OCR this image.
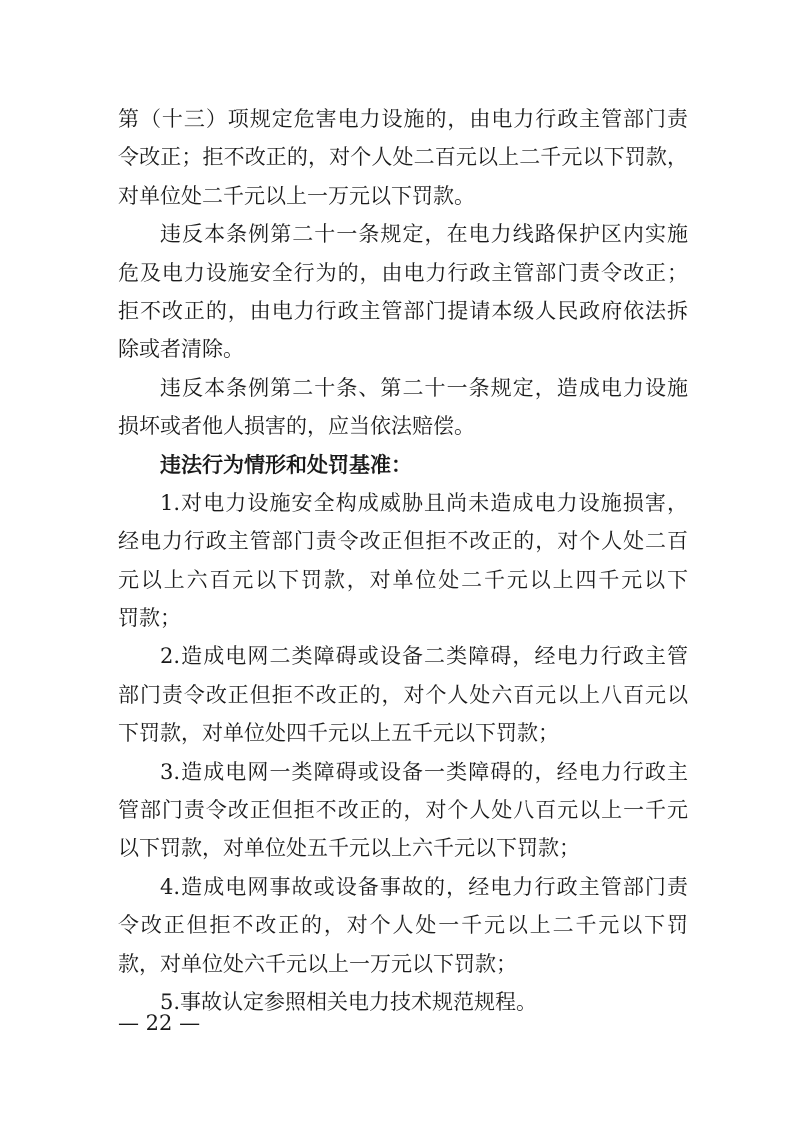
第（十三）项规定危害电力设施的，由电力行政主管部门责
令改正；拒不改正的，对个人处二百元以上二千元以下罚款，
对单位处二千元以上一万元以下罚款。
违反本条例第二十一条规定，在电力线路保护区内实施
危及电力设施安全行为的，由电力行政主管部门责令改正；
拒不改正的，由电力行政主管部门提请本级人民政府依法拆
除或者清除。
违反本条例第二十条、第二十一条规定，造成电力设施
损坏或者他人损害的，应当依法赔偿。
违法行为情形和处罚基准：
1.对电力设施安全构成威胁且尚未造成电力设施损害，
经电力行政主管部门责令改正但拒不改正的，对个人处二百
元以上六百元以下罚款，对单位处二千元以上四千元以下
罚款；
2.造成电网二类障碍或设备二类障碍，经电力行政主管
部门责令改正但拒不改正的，对个人处六百元以上八百元以
下罚款，对单位处四千元以上五千元以下罚款；
3.造成电网一类障碍或设备一类障碍的，经电力行政主
管部门责令改正但拒不改正的，对个人处八百元以上一千元
以下罚款，对单位处五千元以上六千元以下罚款；
4.造成电网事故或设备事故的，经电力行政主管部门责
令改正但拒不改正的，对个人处一千元以上二千元以下罚
款，对单位处六千元以上一万元以下罚款；
5.事故认定参照相关电力技术规范规程。
— 22 —
